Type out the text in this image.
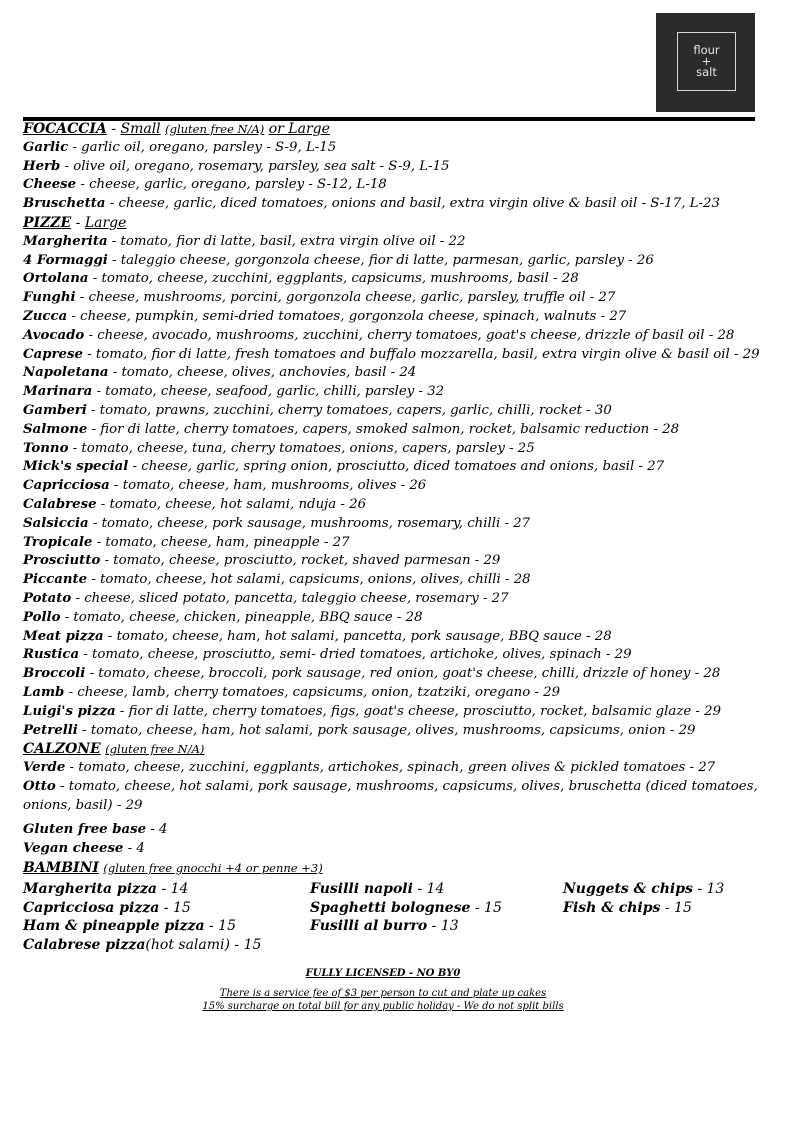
flour
+
salt

FOCACCIA - Small (gluten free N/A) or Large

Garlic - garlic oil, oregano, parsley - S-9, L-15

Herb - olive oil, oregano, rosemary, parsley, sea salt - S-9, L-15

Cheese - cheese, garlic, oregano, parsley - S-12, L-18

Bruschetta - cheese, garlic, diced tomatoes, onions and basil, extra virgin olive & basil oil - S-17, L-23

PIZZE - Large

Margherita - tomato, fior di latte, basil, extra virgin olive oil - 22

4 Formaggi - taleggio cheese, gorgonzola cheese, fior di latte, parmesan, garlic, parsley - 26

Ortolana - tomato, cheese, zucchini, eggplants, capsicums, mushrooms, basil - 28

Funghi - cheese, mushrooms, porcini, gorgonzola cheese, garlic, parsley, truffle oil - 27

Zucca - cheese, pumpkin, semi-dried tomatoes, gorgonzola cheese, spinach, walnuts - 27

Avocado - cheese, avocado, mushrooms, zucchini, cherry tomatoes, goat's cheese, drizzle of basil oil - 28

Caprese - tomato, fior di latte, fresh tomatoes and buffalo mozzarella, basil, extra virgin olive & basil oil - 29

Napoletana - tomato, cheese, olives, anchovies, basil - 24

Marinara - tomato, cheese, seafood, garlic, chilli, parsley - 32

Gamberi - tomato, prawns, zucchini, cherry tomatoes, capers, garlic, chilli, rocket - 30

Salmone - fior di latte, cherry tomatoes, capers, smoked salmon, rocket, balsamic reduction - 28

Tonno - tomato, cheese, tuna, cherry tomatoes, onions, capers, parsley - 25

Mick's special - cheese, garlic, spring onion, prosciutto, diced tomatoes and onions, basil - 27

Capricciosa - tomato, cheese, ham, mushrooms, olives - 26

Calabrese - tomato, cheese, hot salami, nduja - 26

Salsiccia - tomato, cheese, pork sausage, mushrooms, rosemary, chilli - 27

Tropicale - tomato, cheese, ham, pineapple - 27

Prosciutto - tomato, cheese, prosciutto, rocket, shaved parmesan - 29

Piccante - tomato, cheese, hot salami, capsicums, onions, olives, chilli - 28

Potato - cheese, sliced potato, pancetta, taleggio cheese, rosemary - 27

Pollo - tomato, cheese, chicken, pineapple, BBQ sauce - 28

Meat pizza - tomato, cheese, ham, hot salami, pancetta, pork sausage, BBQ sauce - 28

Rustica - tomato, cheese, prosciutto, semi- dried tomatoes, artichoke, olives, spinach - 29

Broccoli - tomato, cheese, broccoli, pork sausage, red onion, goat's cheese, chilli, drizzle of honey - 28

Lamb - cheese, lamb, cherry tomatoes, capsicums, onion, tzatziki, oregano - 29

Luigi's pizza - fior di latte, cherry tomatoes, figs, goat's cheese, prosciutto, rocket, balsamic glaze - 29

Petrelli - tomato, cheese, ham, hot salami, pork sausage, olives, mushrooms, capsicums, onion - 29

CALZONE (gluten free N/A)

Verde - tomato, cheese, zucchini, eggplants, artichokes, spinach, green olives & pickled tomatoes - 27

Otto - tomato, cheese, hot salami, pork sausage, mushrooms, capsicums, olives, bruschetta (diced tomatoes, onions, basil) - 29

Gluten free base - 4

Vegan cheese - 4

BAMBINI (gluten free gnocchi +4 or penne +3)

Margherita pizza - 14	Fusilli napoli - 14	Nuggets & chips - 13
Capricciosa pizza - 15	Spaghetti bolognese - 15	Fish & chips - 15
Ham & pineapple pizza - 15	Fusilli al burro - 13
Calabrese pizza(hot salami) - 15
FULLY LICENSED - NO BY0
There is a service fee of $3 per person to cut and plate up cakes
15% surcharge on total bill for any public holiday - We do not split bills
